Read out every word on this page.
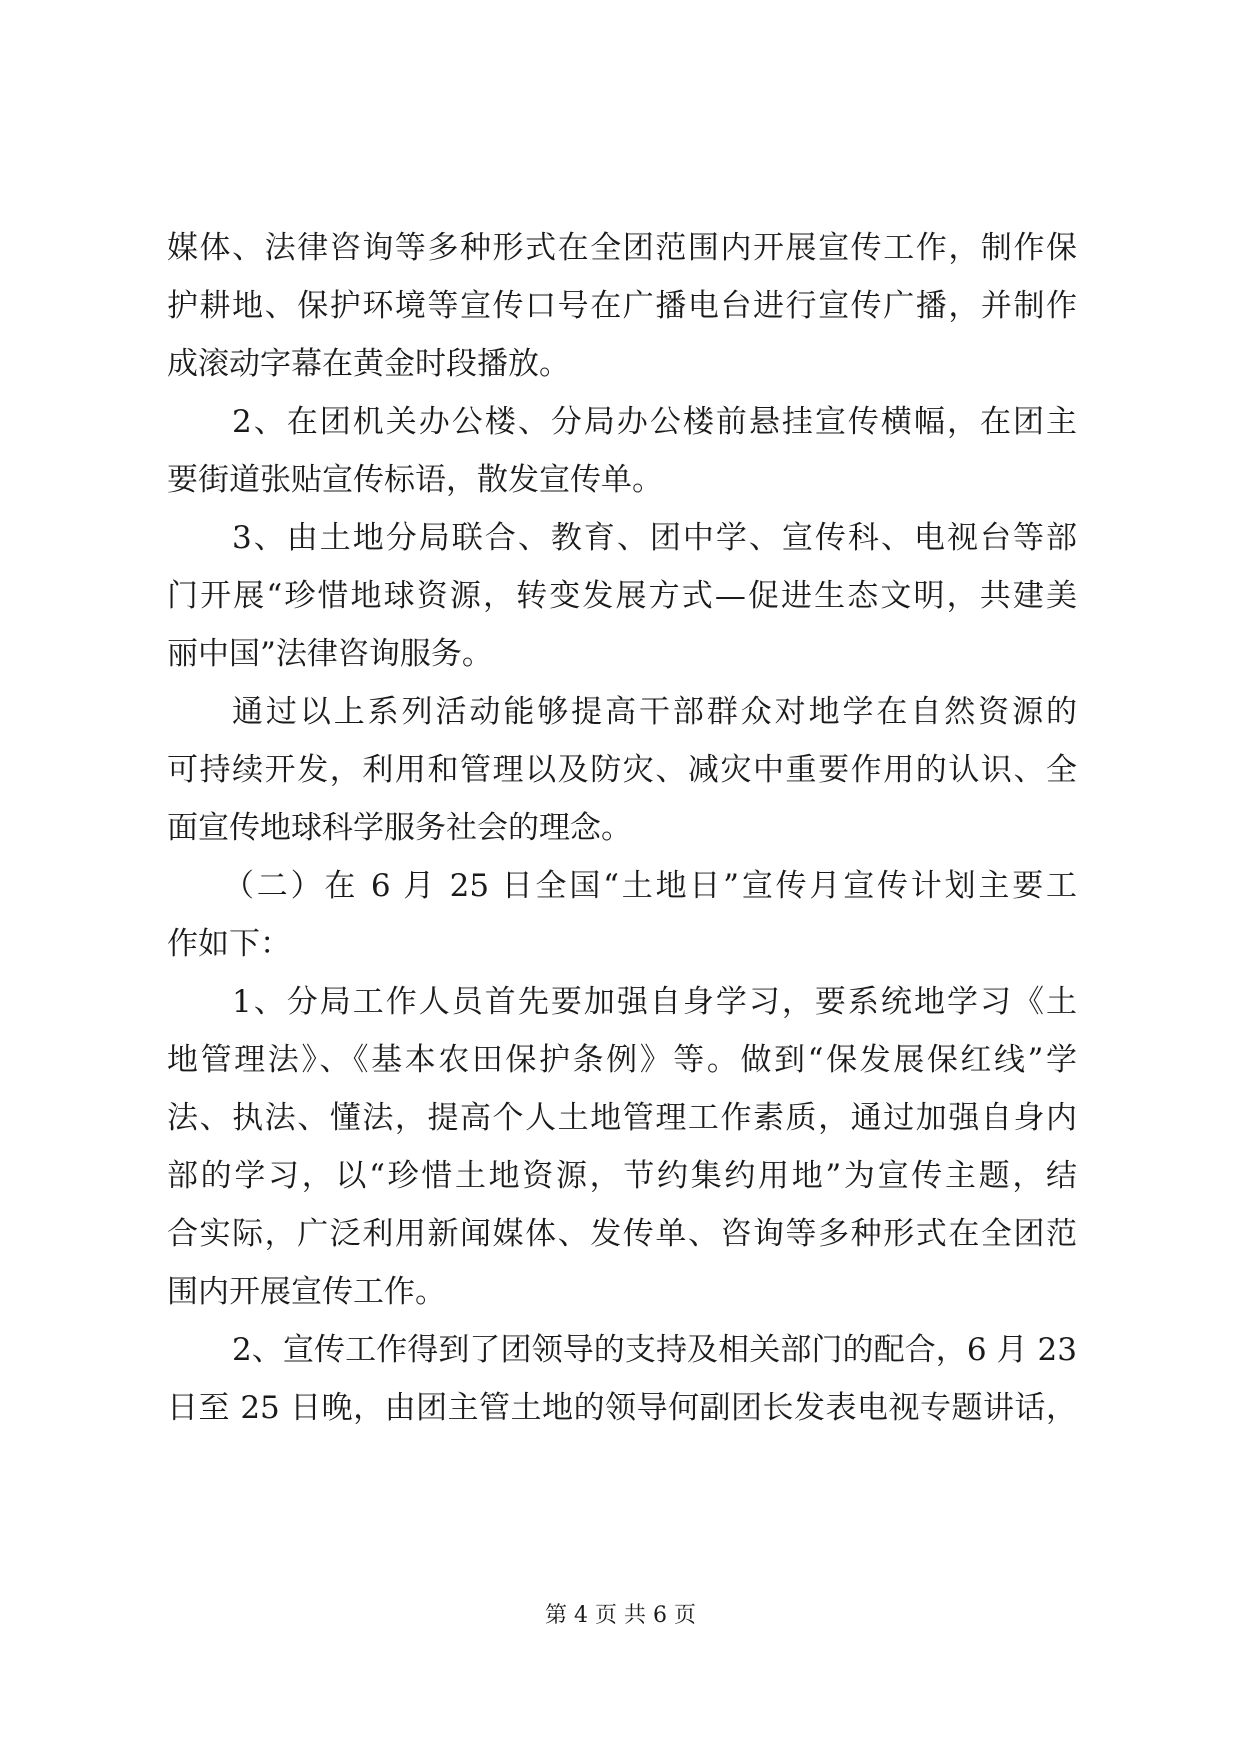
媒体、法律咨询等多种形式在全团范围内开展宣传工作，制作保
护耕地、保护环境等宣传口号在广播电台进行宣传广播，并制作
成滚动字幕在黄金时段播放。
2、在团机关办公楼、分局办公楼前悬挂宣传横幅，在团主
要街道张贴宣传标语，散发宣传单。
3、由土地分局联合、教育、团中学、宣传科、电视台等部
门开展“珍惜地球资源，转变发展方式—促进生态文明，共建美
丽中国”法律咨询服务。
通过以上系列活动能够提高干部群众对地学在自然资源的
可持续开发，利用和管理以及防灾、减灾中重要作用的认识、全
面宣传地球科学服务社会的理念。
（二）在 6 月 25 日全国“土地日”宣传月宣传计划主要工
作如下：
1、分局工作人员首先要加强自身学习，要系统地学习《土
地管理法》、《基本农田保护条例》等。做到“保发展保红线”学
法、执法、懂法，提高个人土地管理工作素质，通过加强自身内
部的学习，以“珍惜土地资源，节约集约用地”为宣传主题，结
合实际，广泛利用新闻媒体、发传单、咨询等多种形式在全团范
围内开展宣传工作。
2、宣传工作得到了团领导的支持及相关部门的配合，6 月 23
日至 25 日晚，由团主管土地的领导何副团长发表电视专题讲话，
第 4 页 共 6 页
